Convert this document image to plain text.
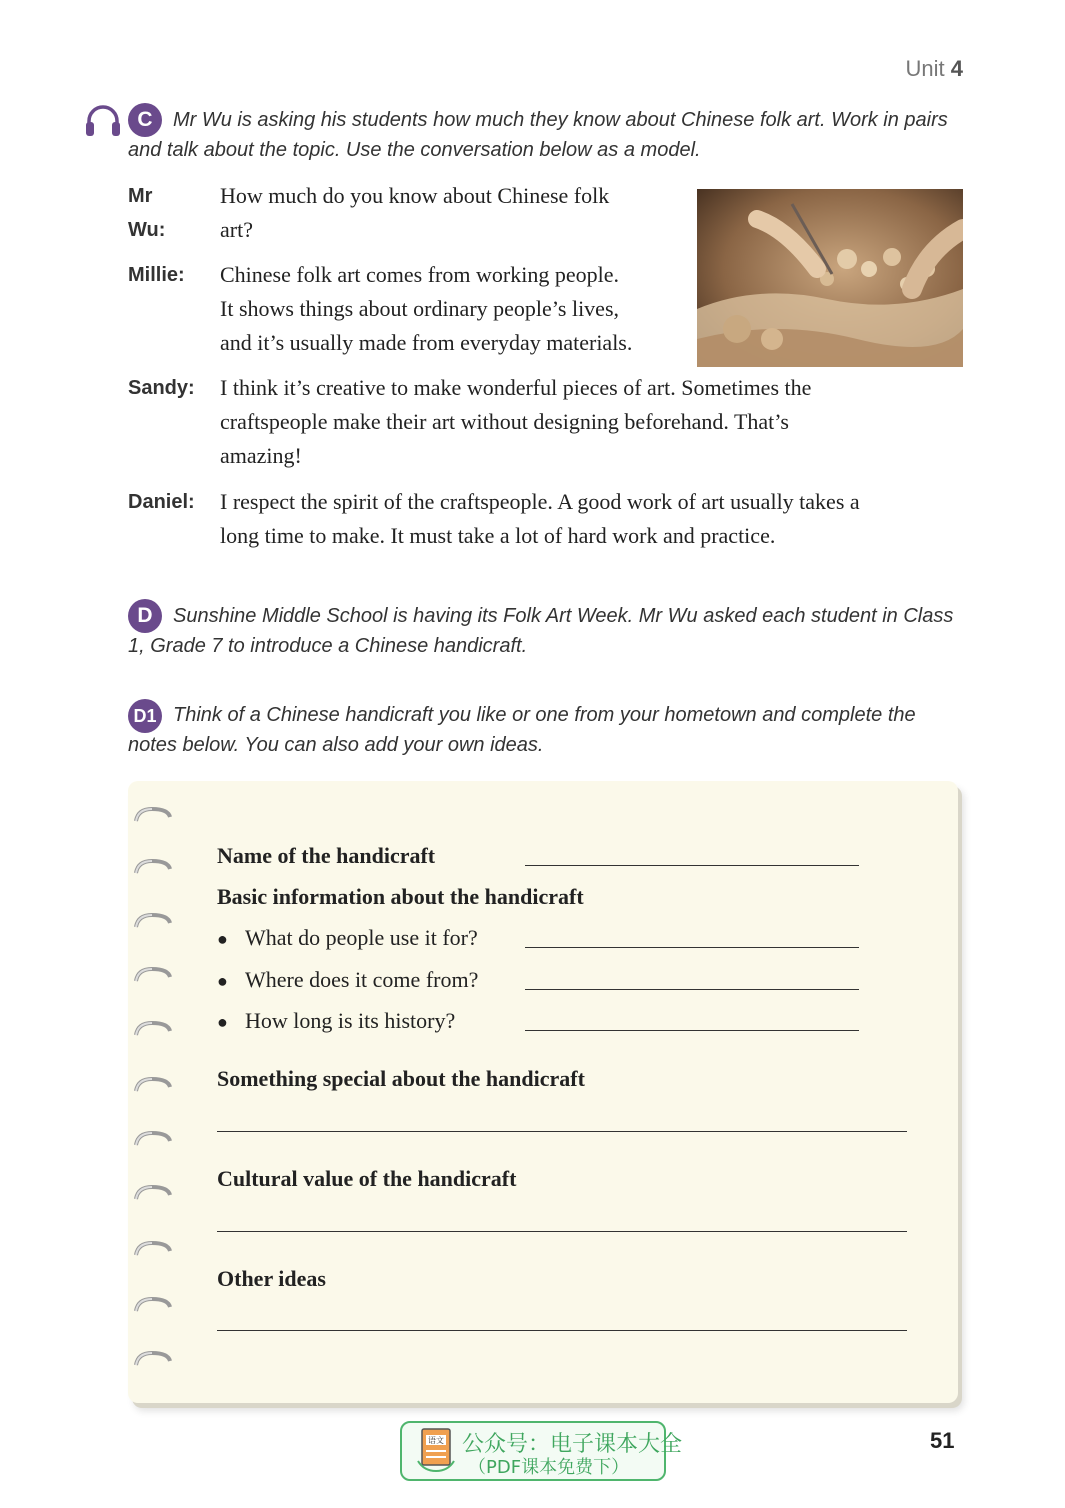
Unit 4
C	Mr Wu is asking his students how much they know about Chinese folk art. Work in pairs and talk about the topic. Use the conversation below as a model.
Mr Wu:
How much do you know about Chinese folk
art?
Millie: Chinese folk art comes from working people.
It shows things about ordinary people’s lives,
and it’s usually made from everyday materials.
Sandy: I think it’s creative to make wonderful pieces of art. Sometimes the
craftspeople make their art without designing beforehand. That’s
amazing!
Daniel: I respect the spirit of the craftspeople. A good work of art usually takes a
long time to make. It must take a lot of hard work and practice.
D	Sunshine Middle School is having its Folk Art Week. Mr Wu asked each student in Class 1, Grade 7 to introduce a Chinese handicraft.
D1 Think of a Chinese handicraft you like or one from your hometown and complete the notes below. You can also add your own ideas.
Name of the handicraft
Basic information about the handicraft
● What do people use it for?
● Where does it come from?
● How long is its history?
Something special about the handicraft
Cultural value of the handicraft
Other ideas
语文 公众号：电子课本大全
（PDF课本免费下）
51
